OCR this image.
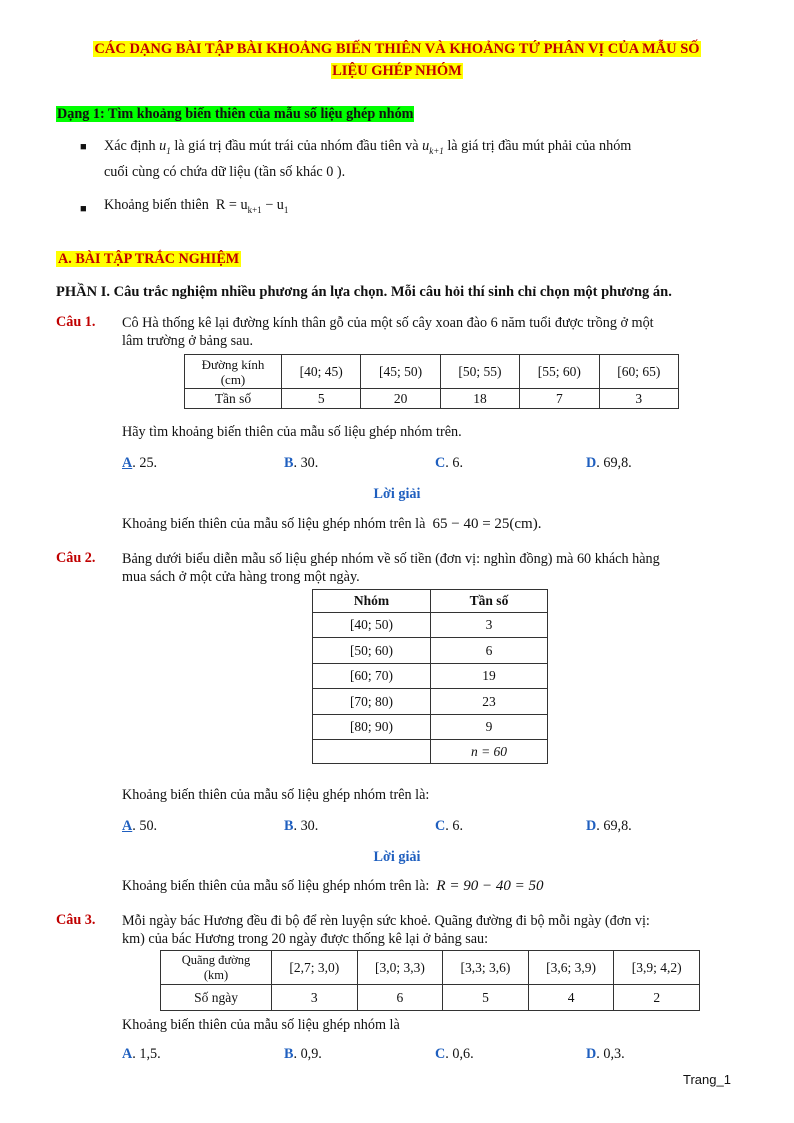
CÁC DẠNG BÀI TẬP BÀI KHOẢNG BIẾN THIÊN VÀ KHOẢNG TỨ PHÂN VỊ CỦA MẪU SỐ
LIỆU GHÉP NHÓM
Dạng 1: Tìm khoảng biến thiên của mẫu số liệu ghép nhóm
■ Xác định $u_1$ là giá trị đầu mút trái của nhóm đầu tiên và $u_{k+1}$ là giá trị đầu mút phải của nhóm
cuối cùng có chứa dữ liệu (tần số khác 0 ).
■ Khoảng biến thiên $R = u_{k+1} - u_1$
A. BÀI TẬP TRẮC NGHIỆM
PHẦN I. Câu trắc nghiệm nhiều phương án lựa chọn. Mỗi câu hỏi thí sinh chỉ chọn một phương án.
Câu 1. Cô Hà thống kê lại đường kính thân gỗ của một số cây xoan đào 6 năm tuổi được trồng ở một
lâm trường ở bảng sau.
Đường kính
(cm)	[40; 45)	[45; 50)	[50; 55)	[55; 60)	[60; 65)
Tần số	5	20	18	7	3
Hãy tìm khoảng biến thiên của mẫu số liệu ghép nhóm trên.
A. 25.	B. 30.	C. 6.	D. 69,8.
Lời giải
Khoảng biến thiên của mẫu số liệu ghép nhóm trên là 65 − 40 = 25(cm).
Câu 2. Bảng dưới biểu diễn mẫu số liệu ghép nhóm về số tiền (đơn vị: nghìn đồng) mà 60 khách hàng
mua sách ở một cửa hàng trong một ngày.
Nhóm	Tần số
[40; 50)	3
[50; 60)	6
[60; 70)	19
[70; 80)	23
[80; 90)	9
	n = 60
Khoảng biến thiên của mẫu số liệu ghép nhóm trên là:
A. 50.	B. 30.	C. 6.	D. 69,8.
Lời giải
Khoảng biến thiên của mẫu số liệu ghép nhóm trên là: R = 90 − 40 = 50
Câu 3. Mỗi ngày bác Hương đều đi bộ để rèn luyện sức khoẻ. Quãng đường đi bộ mỗi ngày (đơn vị:
km) của bác Hương trong 20 ngày được thống kê lại ở bảng sau:
Quãng đường
(km)	[2,7; 3,0)	[3,0; 3,3)	[3,3; 3,6)	[3,6; 3,9)	[3,9; 4,2)
Số ngày	3	6	5	4	2
Khoảng biến thiên của mẫu số liệu ghép nhóm là
A. 1,5.	B. 0,9.	C. 0,6.	D. 0,3.
Trang_1
